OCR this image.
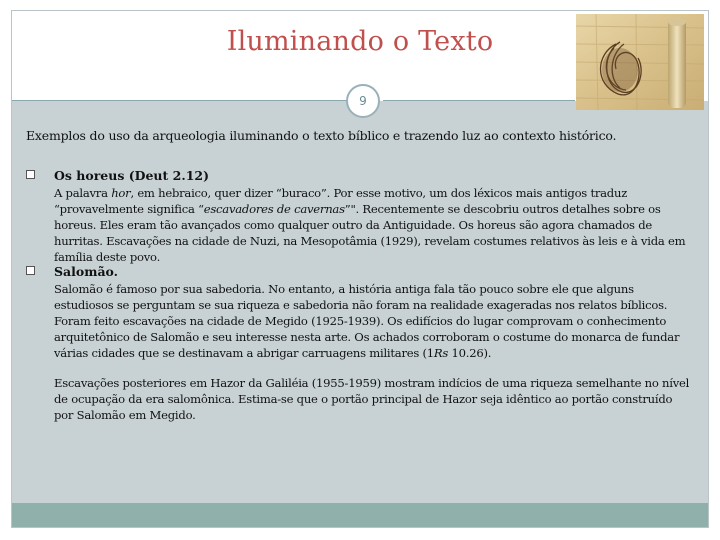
Iluminando o Texto
9
Exemplos do uso da arqueologia iluminando o texto bíblico e trazendo luz ao contexto histórico.
Os horeus (Deut 2.12)

A palavra hor, em hebraico, quer dizer “buraco”. Por esse motivo, um dos léxicos mais antigos traduz “provavelmente significa “escavadores de cavernas”". Recentemente se descobriu outros detalhes sobre os horeus. Eles eram tão avançados como qualquer outro da Antiguidade. Os horeus são agora chamados de hurritas. Escavações na cidade de Nuzi, na Mesopotâmia (1929), revelam costumes relativos às leis e à vida em família deste povo.

Salomão.

Salomão é famoso por sua sabedoria. No entanto, a história antiga fala tão pouco sobre ele que alguns estudiosos se perguntam se sua riqueza e sabedoria não foram na realidade exageradas nos relatos bíblicos.

Foram feito escavações na cidade de Megido (1925-1939). Os edifícios do lugar comprovam o conhecimento arquitetônico de Salomão e seu interesse nesta arte. Os achados corroboram o costume do monarca de fundar várias cidades que se destinavam a abrigar carruagens militares (1Rs 10.26).

Escavações posteriores em Hazor da Galiléia (1955-1959) mostram indícios de uma riqueza semelhante no nível de ocupação da era salomônica. Estima-se que o portão principal de Hazor seja idêntico ao portão construído por Salomão em Megido.
